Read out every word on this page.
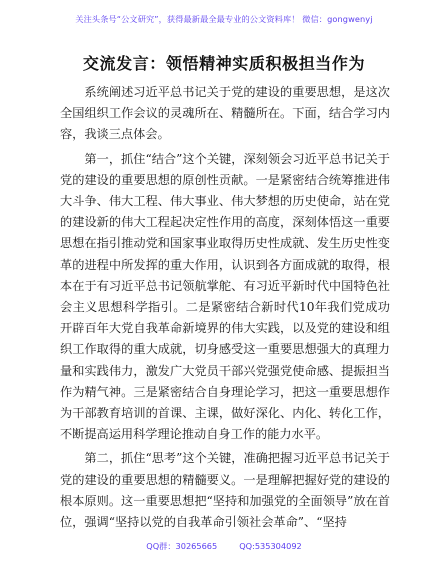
关注头条号“公文研究”，获得最新最全最专业的公文资料库！ 微信：gongwenyj
交流发言：领悟精神实质积极担当作为

系统阐述习近平总书记关于党的建设的重要思想，是这次全国组织工作会议的灵魂所在、精髓所在。下面，结合学习内容，我谈三点体会。

第一，抓住“结合”这个关键，深刻领会习近平总书记关于党的建设的重要思想的原创性贡献。一是紧密结合统筹推进伟大斗争、伟大工程、伟大事业、伟大梦想的历史使命，站在党的建设新的伟大工程起决定性作用的高度，深刻体悟这一重要思想在指引推动党和国家事业取得历史性成就、发生历史性变革的进程中所发挥的重大作用，认识到各方面成就的取得，根本在于有习近平总书记领航掌舵、有习近平新时代中国特色社会主义思想科学指引。二是紧密结合新时代10年我们党成功开辟百年大党自我革命新境界的伟大实践，以及党的建设和组织工作取得的重大成就，切身感受这一重要思想强大的真理力量和实践伟力，激发广大党员干部兴党强党使命感、提振担当作为精气神。三是紧密结合自身理论学习，把这一重要思想作为干部教育培训的首课、主课，做好深化、内化、转化工作，不断提高运用科学理论推动自身工作的能力水平。

第二，抓住“思考”这个关键，准确把握习近平总书记关于党的建设的重要思想的精髓要义。一是理解把握好党的建设的根本原则。这一重要思想把“坚持和加强党的全面领导”放在首位，强调“坚持以党的自我革命引领社会革命”、“坚持

QQ群：30265665	QQ:535304092
